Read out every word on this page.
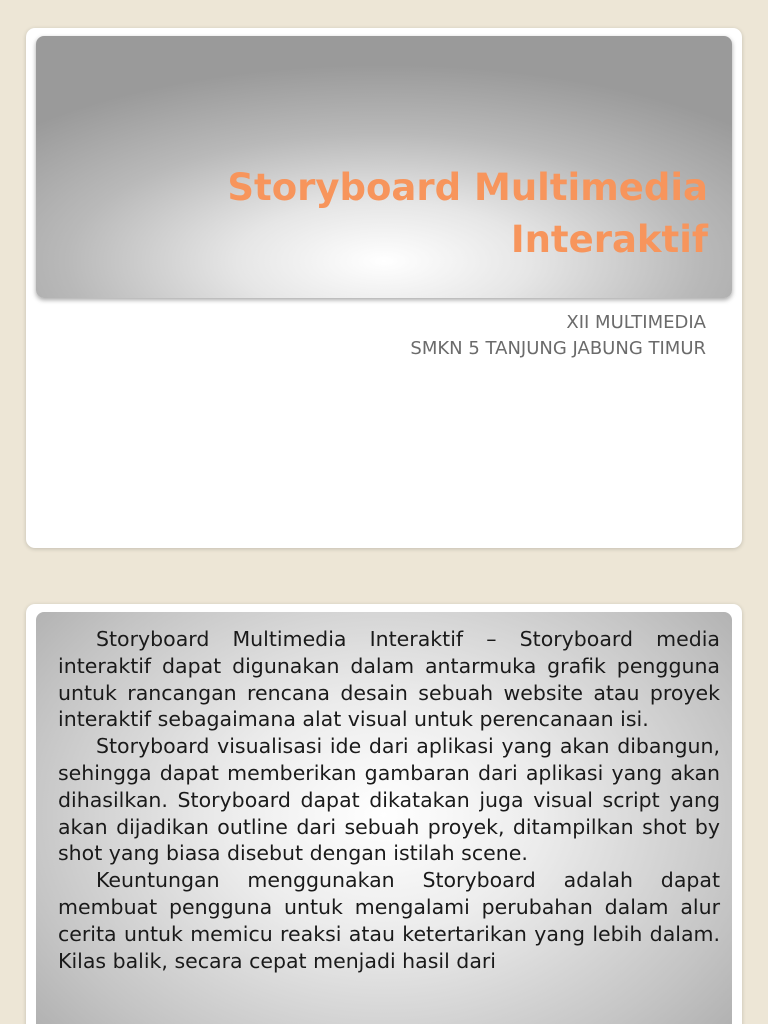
Storyboard Multimedia
Interaktif
XII MULTIMEDIA
SMKN 5 TANJUNG JABUNG TIMUR

Storyboard Multimedia Interaktif – Storyboard media interaktif dapat digunakan dalam antarmuka grafik pengguna untuk rancangan rencana desain sebuah website atau proyek interaktif sebagaimana alat visual untuk perencanaan isi.

Storyboard visualisasi ide dari aplikasi yang akan dibangun, sehingga dapat memberikan gambaran dari aplikasi yang akan dihasilkan. Storyboard dapat dikatakan juga visual script yang akan dijadikan outline dari sebuah proyek, ditampilkan shot by shot yang biasa disebut dengan istilah scene.

Keuntungan menggunakan Storyboard adalah dapat membuat pengguna untuk mengalami perubahan dalam alur cerita untuk memicu reaksi atau ketertarikan yang lebih dalam. Kilas balik, secara cepat menjadi hasil dari
